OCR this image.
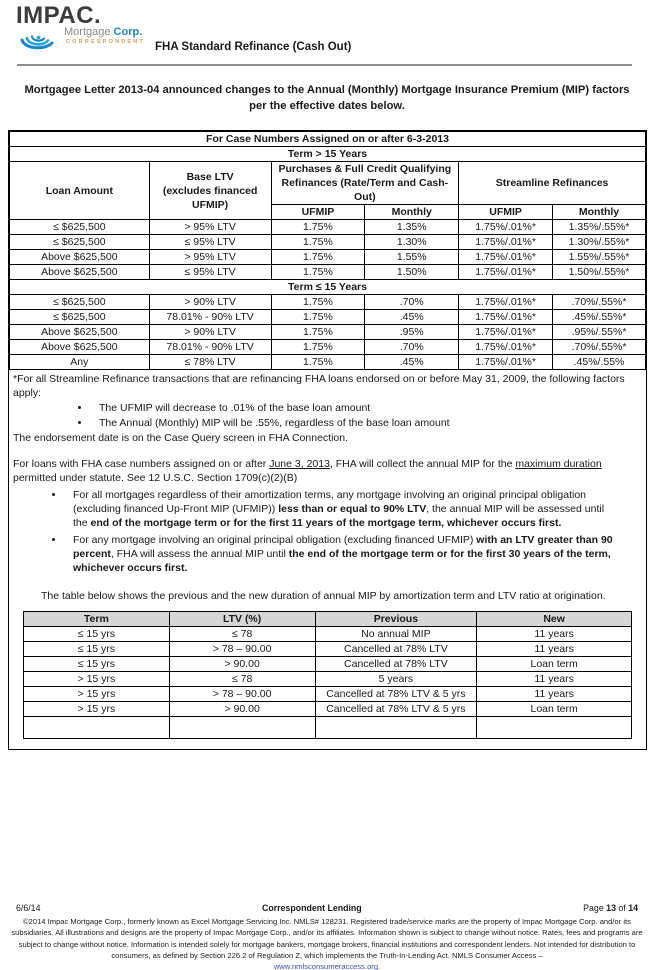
IMPAC.
Mortgage Corp.
CORRESPONDENT FHA Standard Refinance (Cash Out)
Mortgagee Letter 2013-04 announced changes to the Annual (Monthly) Mortgage Insurance Premium (MIP) factors per the effective dates below.
For Case Numbers Assigned on or after 6-3-2013					
Term > 15 Years					
Loan Amount	Base LTV (excludes financed UFMIP)	Purchases & Full Credit Qualifying Refinances (Rate/Term and Cash-Out)		Streamline Refinances	
		UFMIP	Monthly	UFMIP	Monthly
≤ $625,500	> 95% LTV	1.75%	1.35%	1.75%/.01%*	1.35%/.55%*
≤ $625,500	≤ 95% LTV	1.75%	1.30%	1.75%/.01%*	1.30%/.55%*
Above $625,500	> 95% LTV	1.75%	1.55%	1.75%/.01%*	1.55%/.55%*
Above $625,500	≤ 95% LTV	1.75%	1.50%	1.75%/.01%*	1.50%/.55%*
Term ≤ 15 Years					
≤ $625,500	> 90% LTV	1.75%	.70%	1.75%/.01%*	.70%/.55%*
≤ $625,500	78.01% - 90% LTV	1.75%	.45%	1.75%/.01%*	.45%/.55%*
Above $625,500	> 90% LTV	1.75%	.95%	1.75%/.01%*	.95%/.55%*
Above $625,500	78.01% - 90% LTV	1.75%	.70%	1.75%/.01%*	.70%/.55%*
Any	≤ 78% LTV	1.75%	.45%	1.75%/.01%*	.45%/.55%

*For all Streamline Refinance transactions that are refinancing FHA loans endorsed on or before May 31, 2009, the following factors apply:

• The UFMIP will decrease to .01% of the base loan amount
• The Annual (Monthly) MIP will be .55%, regardless of the base loan amount

The endorsement date is on the Case Query screen in FHA Connection.

For loans with FHA case numbers assigned on or after June 3, 2013, FHA will collect the annual MIP for the maximum duration permitted under statute. See 12 U.S.C. Section 1709(c)(2)(B)

• For all mortgages regardless of their amortization terms, any mortgage involving an original principal obligation (excluding financed Up-Front MIP (UFMIP)) less than or equal to 90% LTV, the annual MIP will be assessed until the end of the mortgage term or for the first 11 years of the mortgage term, whichever occurs first.
• For any mortgage involving an original principal obligation (excluding financed UFMIP) with an LTV greater than 90 percent, FHA will assess the annual MIP until the end of the mortgage term or for the first 30 years of the term, whichever occurs first.

The table below shows the previous and the new duration of annual MIP by amortization term and LTV ratio at origination.

Term	LTV (%)	Previous	New
≤ 15 yrs	≤ 78	No annual MIP	11 years
≤ 15 yrs	> 78 – 90.00	Cancelled at 78% LTV	11 years
≤ 15 yrs	> 90.00	Cancelled at 78% LTV	Loan term
> 15 yrs	≤ 78	5 years	11 years
> 15 yrs	> 78 – 90.00	Cancelled at 78% LTV & 5 yrs	11 years
> 15 yrs	> 90.00	Cancelled at 78% LTV & 5 yrs	Loan term

6/6/14	Correspondent Lending	Page 13 of 14

©2014 Impac Mortgage Corp., formerly known as Excel Mortgage Servicing Inc. NMLS# 128231. Registered trade/service marks are the property of Impac Mortgage Corp. and/or its subsidiaries. All illustrations and designs are the property of Impac Mortgage Corp., and/or its affiliates. Information shown is subject to change without notice. Rates, fees and programs are subject to change without notice. Information is intended solely for mortgage bankers, mortgage brokers, financial institutions and correspondent lenders. Not intended for distribution to consumers, as defined by Section 226.2 of Regulation Z, which implements the Truth-In-Lending Act. NMLS Consumer Access –

www.nmlsconsumeraccess.org.
